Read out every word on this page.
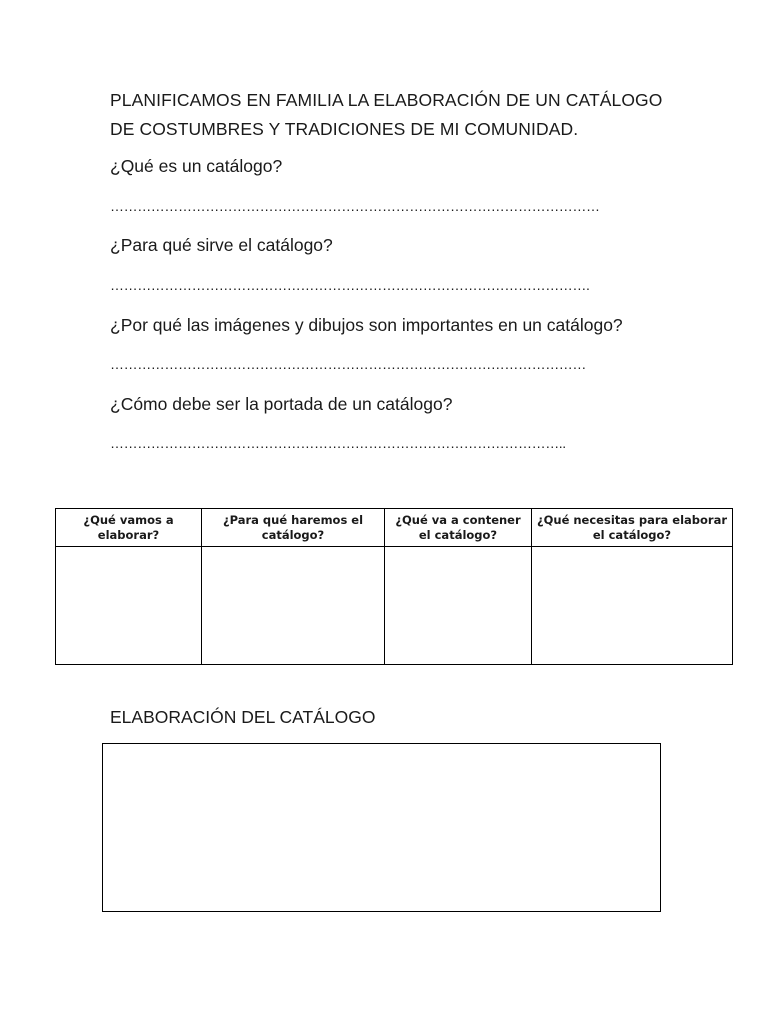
PLANIFICAMOS EN FAMILIA LA ELABORACIÓN DE UN CATÁLOGO
DE COSTUMBRES Y TRADICIONES DE MI COMUNIDAD.
¿Qué es un catálogo?
………………………………………………………………………………………………
¿Para qué sirve el catálogo?
…………………………………………………………………………………………….
¿Por qué las imágenes y dibujos son importantes en un catálogo?
……………………………………………………………………………………………
¿Cómo debe ser la portada de un catálogo?
………………………………………………………………………………………..
¿Qué vamos a elaborar?	¿Para qué haremos el catálogo?	¿Qué va a contener el catálogo?	¿Qué necesitas para elaborar el catálogo?

ELABORACIÓN DEL CATÁLOGO
